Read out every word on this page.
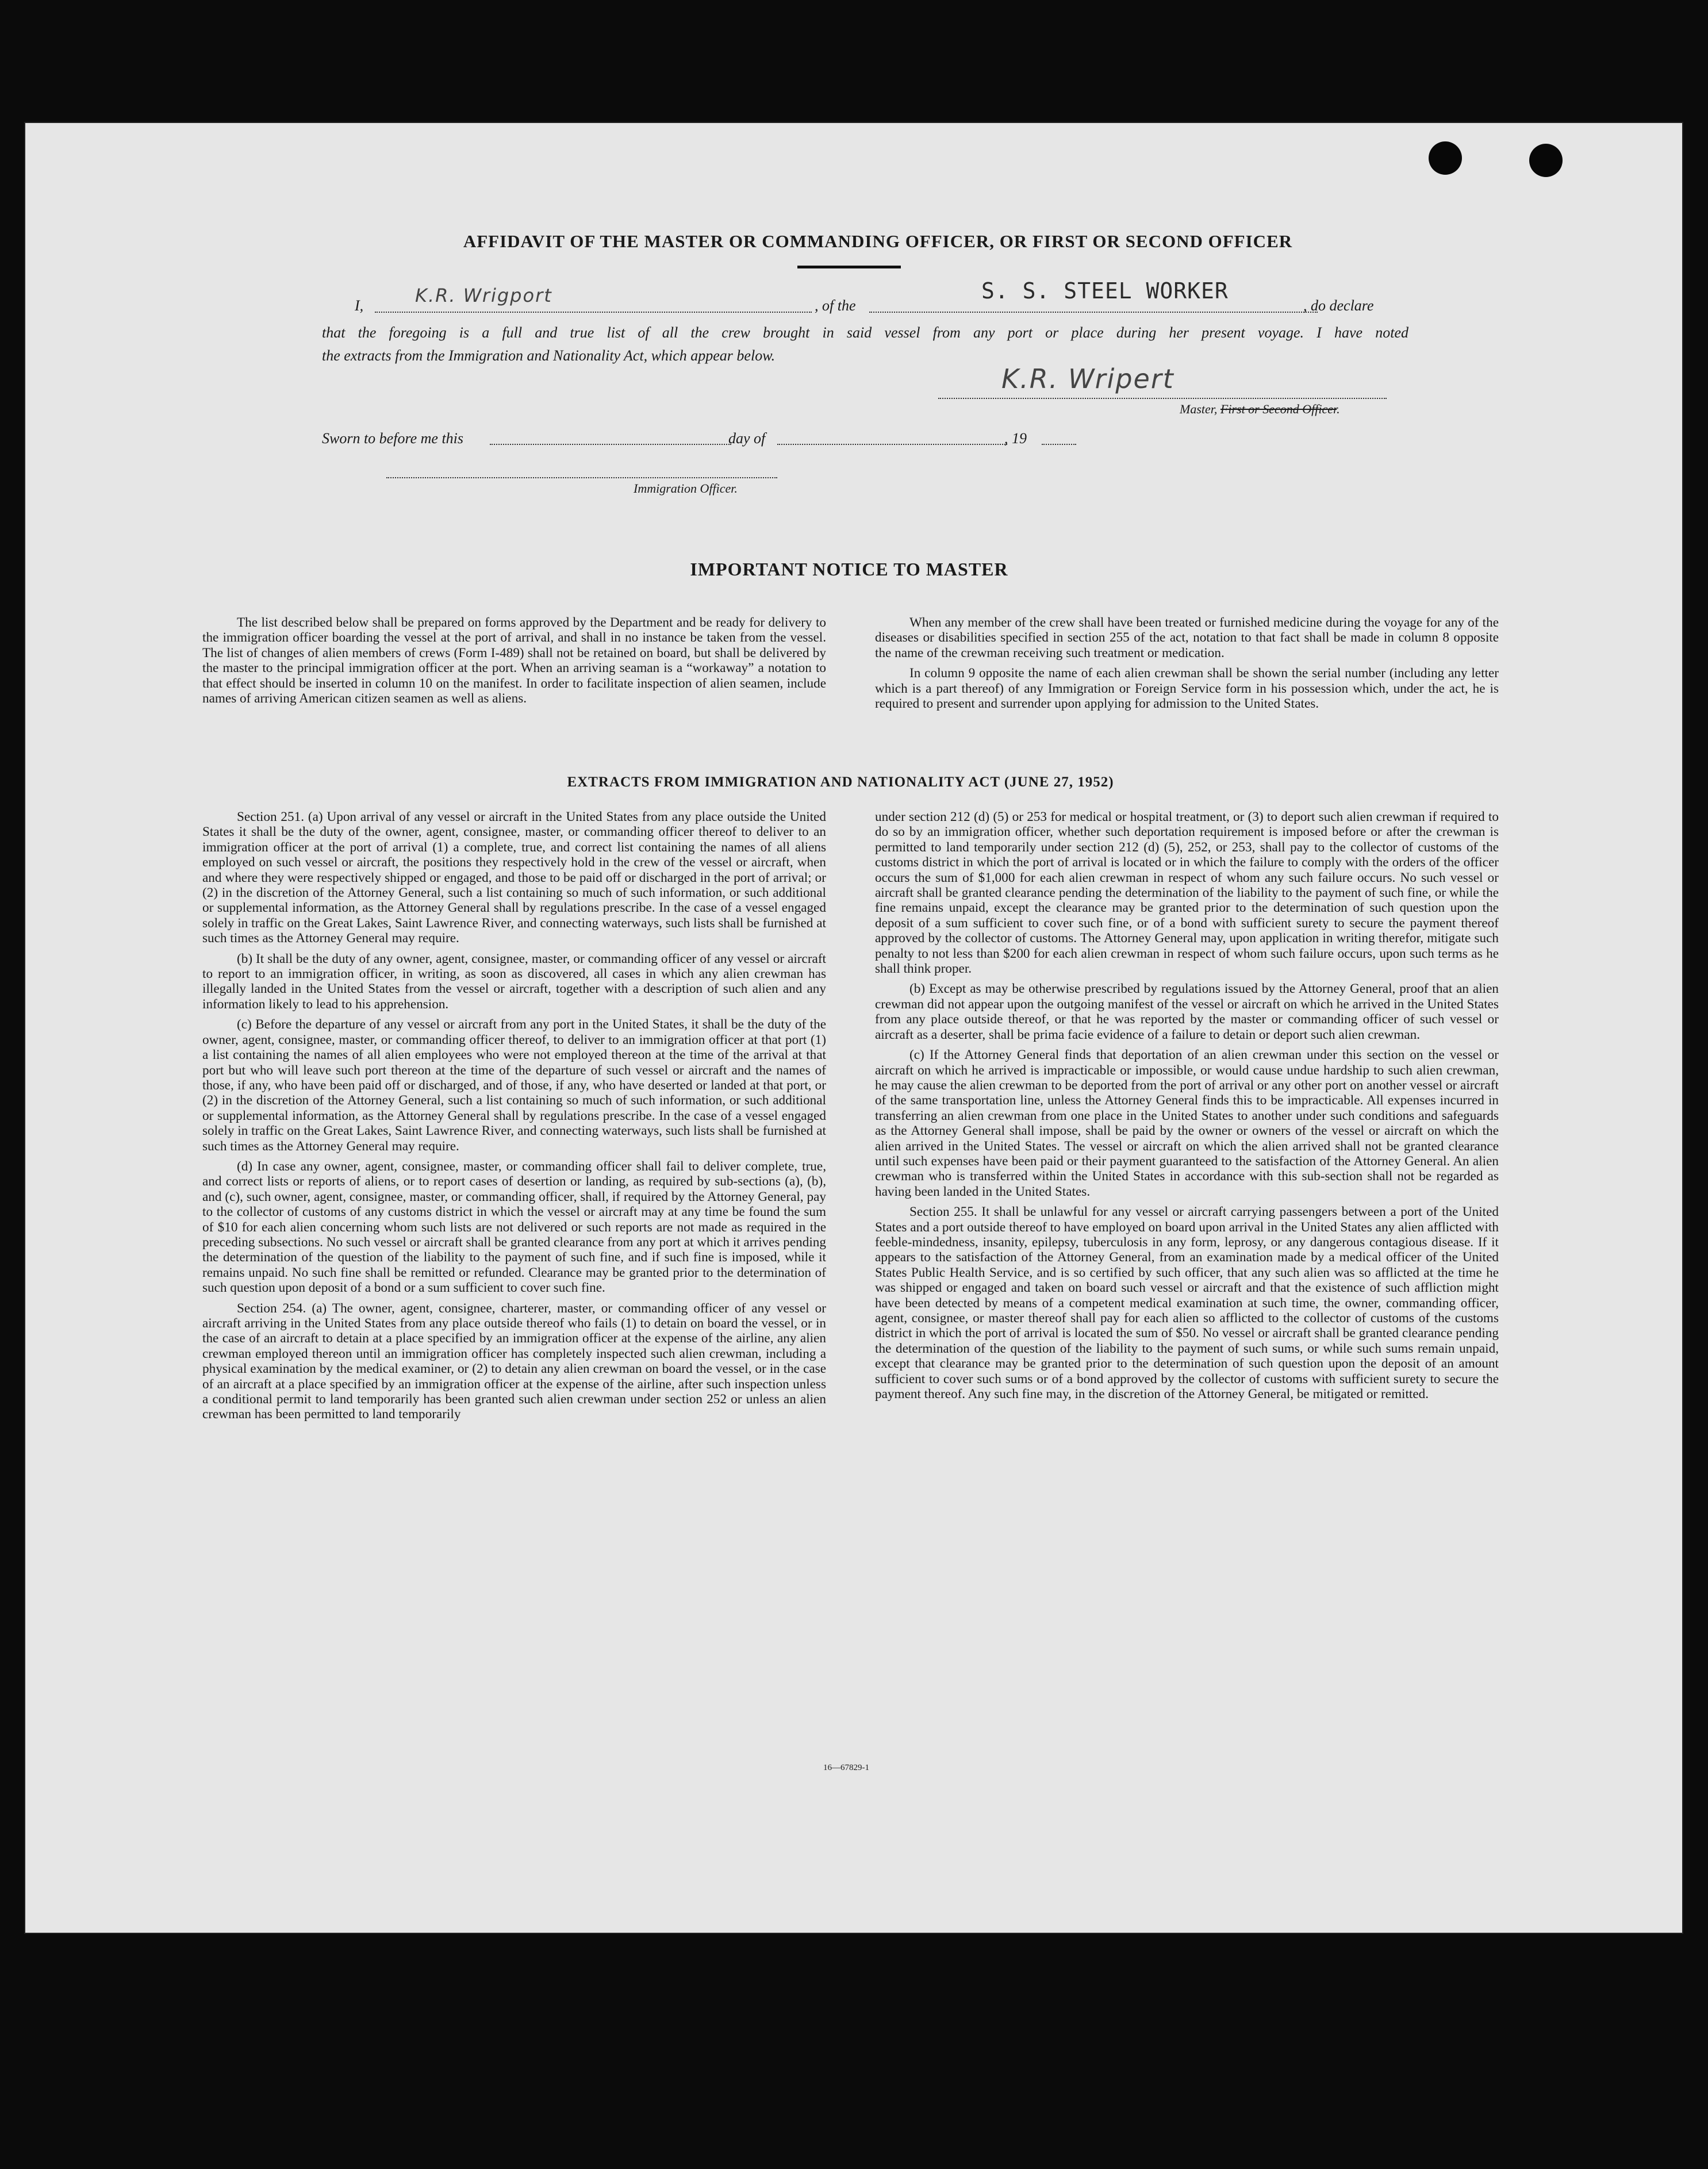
AFFIDAVIT OF THE MASTER OR COMMANDING OFFICER, OR FIRST OR SECOND OFFICER
I,	K.R. Wrigport	, of the
S. S. STEEL WORKER
, do declare
that the foregoing is a full and true list of all the crew brought in said vessel from any port or place during her present voyage. I have noted
the extracts from the Immigration and Nationality Act, which appear below.
K.R. Wripert
Master, First or Second Officer.
Sworn to before me this	day of	, 19
Immigration Officer.
IMPORTANT NOTICE TO MASTER

The list described below shall be prepared on forms approved by the Department and be ready for delivery to the immigration officer boarding the vessel at the port of arrival, and shall in no instance be taken from the vessel. The list of changes of alien members of crews (Form I-489) shall not be retained on board, but shall be delivered by the master to the principal immigration officer at the port. When an arriving seaman is a “workaway” a notation to that effect should be inserted in column 10 on the manifest. In order to facilitate inspection of alien seamen, include names of arriving American citizen seamen as well as aliens.

When any member of the crew shall have been treated or furnished medicine during the voyage for any of the diseases or disabilities specified in section 255 of the act, notation to that fact shall be made in column 8 opposite the name of the crewman receiving such treatment or medication.

In column 9 opposite the name of each alien crewman shall be shown the serial number (including any letter which is a part thereof) of any Immigration or Foreign Service form in his possession which, under the act, he is required to present and surrender upon applying for admission to the United States.

EXTRACTS FROM IMMIGRATION AND NATIONALITY ACT (JUNE 27, 1952)

Section 251. (a) Upon arrival of any vessel or aircraft in the United States from any place outside the United States it shall be the duty of the owner, agent, consignee, master, or commanding officer thereof to deliver to an immigration officer at the port of arrival (1) a complete, true, and correct list containing the names of all aliens employed on such vessel or aircraft, the positions they respectively hold in the crew of the vessel or aircraft, when and where they were respectively shipped or engaged, and those to be paid off or discharged in the port of arrival; or (2) in the discretion of the Attorney General, such a list containing so much of such information, or such additional or supplemental information, as the Attorney General shall by regulations prescribe. In the case of a vessel engaged solely in traffic on the Great Lakes, Saint Lawrence River, and connecting waterways, such lists shall be furnished at such times as the Attorney General may require.

(b) It shall be the duty of any owner, agent, consignee, master, or commanding officer of any vessel or aircraft to report to an immigration officer, in writing, as soon as discovered, all cases in which any alien crewman has illegally landed in the United States from the vessel or aircraft, together with a description of such alien and any information likely to lead to his apprehension.

(c) Before the departure of any vessel or aircraft from any port in the United States, it shall be the duty of the owner, agent, consignee, master, or commanding officer thereof, to deliver to an immigration officer at that port (1) a list containing the names of all alien employees who were not employed thereon at the time of the arrival at that port but who will leave such port thereon at the time of the departure of such vessel or aircraft and the names of those, if any, who have been paid off or discharged, and of those, if any, who have deserted or landed at that port, or (2) in the discretion of the Attorney General, such a list containing so much of such information, or such additional or supplemental information, as the Attorney General shall by regulations prescribe. In the case of a vessel engaged solely in traffic on the Great Lakes, Saint Lawrence River, and connecting waterways, such lists shall be furnished at such times as the Attorney General may require.

(d) In case any owner, agent, consignee, master, or commanding officer shall fail to deliver complete, true, and correct lists or reports of aliens, or to report cases of desertion or landing, as required by sub-sections (a), (b), and (c), such owner, agent, consignee, master, or commanding officer, shall, if required by the Attorney General, pay to the collector of customs of any customs district in which the vessel or aircraft may at any time be found the sum of $10 for each alien concerning whom such lists are not delivered or such reports are not made as required in the preceding subsections. No such vessel or aircraft shall be granted clearance from any port at which it arrives pending the determination of the question of the liability to the payment of such fine, and if such fine is imposed, while it remains unpaid. No such fine shall be remitted or refunded. Clearance may be granted prior to the determination of such question upon deposit of a bond or a sum sufficient to cover such fine.

Section 254. (a) The owner, agent, consignee, charterer, master, or commanding officer of any vessel or aircraft arriving in the United States from any place outside thereof who fails (1) to detain on board the vessel, or in the case of an aircraft to detain at a place specified by an immigration officer at the expense of the airline, any alien crewman employed thereon until an immigration officer has completely inspected such alien crewman, including a physical examination by the medical examiner, or (2) to detain any alien crewman on board the vessel, or in the case of an aircraft at a place specified by an immigration officer at the expense of the airline, after such inspection unless a conditional permit to land temporarily has been granted such alien crewman under section 252 or unless an alien crewman has been permitted to land temporarily

under section 212 (d) (5) or 253 for medical or hospital treatment, or (3) to deport such alien crewman if required to do so by an immigration officer, whether such deportation requirement is imposed before or after the crewman is permitted to land temporarily under section 212 (d) (5), 252, or 253, shall pay to the collector of customs of the customs district in which the port of arrival is located or in which the failure to comply with the orders of the officer occurs the sum of $1,000 for each alien crewman in respect of whom any such failure occurs. No such vessel or aircraft shall be granted clearance pending the determination of the liability to the payment of such fine, or while the fine remains unpaid, except the clearance may be granted prior to the determination of such question upon the deposit of a sum sufficient to cover such fine, or of a bond with sufficient surety to secure the payment thereof approved by the collector of customs. The Attorney General may, upon application in writing therefor, mitigate such penalty to not less than $200 for each alien crewman in respect of whom such failure occurs, upon such terms as he shall think proper.

(b) Except as may be otherwise prescribed by regulations issued by the Attorney General, proof that an alien crewman did not appear upon the outgoing manifest of the vessel or aircraft on which he arrived in the United States from any place outside thereof, or that he was reported by the master or commanding officer of such vessel or aircraft as a deserter, shall be prima facie evidence of a failure to detain or deport such alien crewman.

(c) If the Attorney General finds that deportation of an alien crewman under this section on the vessel or aircraft on which he arrived is impracticable or impossible, or would cause undue hardship to such alien crewman, he may cause the alien crewman to be deported from the port of arrival or any other port on another vessel or aircraft of the same transportation line, unless the Attorney General finds this to be impracticable. All expenses incurred in transferring an alien crewman from one place in the United States to another under such conditions and safeguards as the Attorney General shall impose, shall be paid by the owner or owners of the vessel or aircraft on which the alien arrived in the United States. The vessel or aircraft on which the alien arrived shall not be granted clearance until such expenses have been paid or their payment guaranteed to the satisfaction of the Attorney General. An alien crewman who is transferred within the United States in accordance with this sub-section shall not be regarded as having been landed in the United States.

Section 255. It shall be unlawful for any vessel or aircraft carrying passengers between a port of the United States and a port outside thereof to have employed on board upon arrival in the United States any alien afflicted with feeble-mindedness, insanity, epilepsy, tuberculosis in any form, leprosy, or any dangerous contagious disease. If it appears to the satisfaction of the Attorney General, from an examination made by a medical officer of the United States Public Health Service, and is so certified by such officer, that any such alien was so afflicted at the time he was shipped or engaged and taken on board such vessel or aircraft and that the existence of such affliction might have been detected by means of a competent medical examination at such time, the owner, commanding officer, agent, consignee, or master thereof shall pay for each alien so afflicted to the collector of customs of the customs district in which the port of arrival is located the sum of $50. No vessel or aircraft shall be granted clearance pending the determination of the question of the liability to the payment of such sums, or while such sums remain unpaid, except that clearance may be granted prior to the determination of such question upon the deposit of an amount sufficient to cover such sums or of a bond approved by the collector of customs with sufficient surety to secure the payment thereof. Any such fine may, in the discretion of the Attorney General, be mitigated or remitted.

16—67829-1
